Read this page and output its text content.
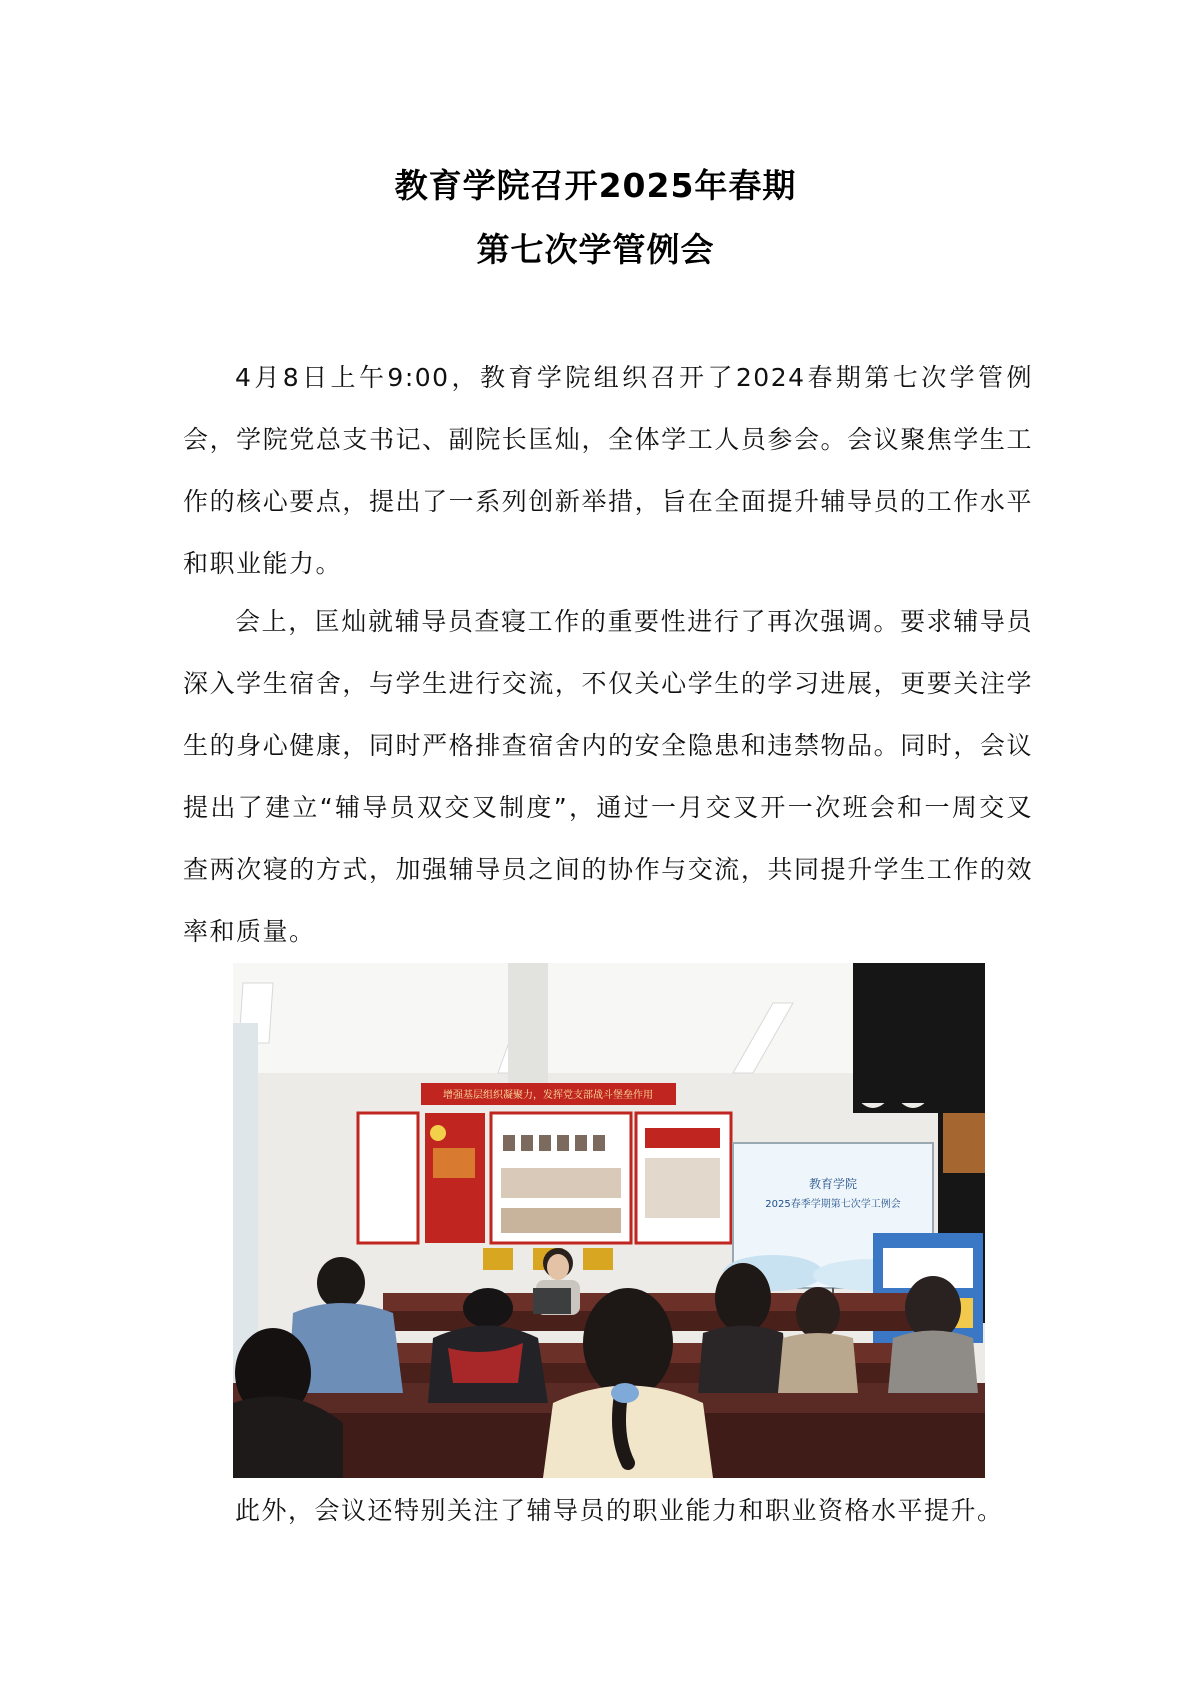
教育学院召开2025年春期
第七次学管例会

4月8日上午9:00，教育学院组织召开了2024春期第七次学管例会，学院党总支书记、副院长匡灿，全体学工人员参会。会议聚焦学生工作的核心要点，提出了一系列创新举措，旨在全面提升辅导员的工作水平和职业能力。

会上，匡灿就辅导员查寝工作的重要性进行了再次强调。要求辅导员深入学生宿舍，与学生进行交流，不仅关心学生的学习进展，更要关注学生的身心健康，同时严格排查宿舍内的安全隐患和违禁物品。同时，会议提出了建立“辅导员双交叉制度”，通过一月交叉开一次班会和一周交叉查两次寝的方式，加强辅导员之间的协作与交流，共同提升学生工作的效率和质量。

增强基层组织凝聚力，发挥党支部战斗堡垒作用
教育学院
2025春季学期第七次学工例会

此外，会议还特别关注了辅导员的职业能力和职业资格水平提升。
